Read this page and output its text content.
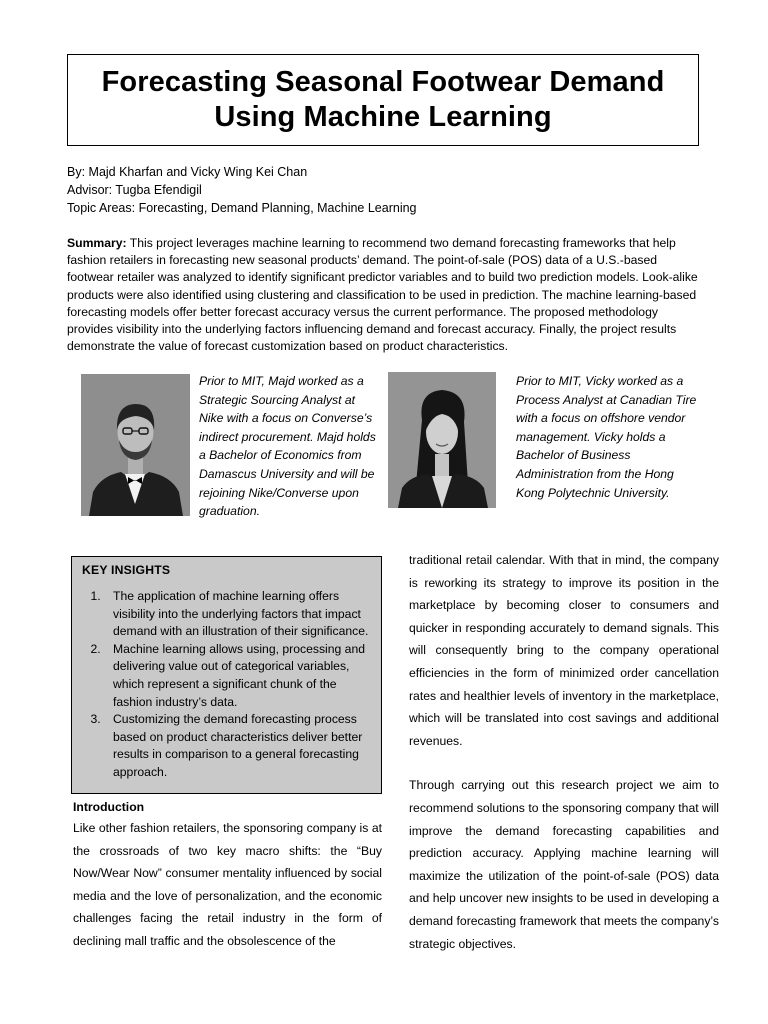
Forecasting Seasonal Footwear Demand Using Machine Learning
By: Majd Kharfan and Vicky Wing Kei Chan
Advisor: Tugba Efendigil
Topic Areas: Forecasting, Demand Planning, Machine Learning
Summary: This project leverages machine learning to recommend two demand forecasting frameworks that help fashion retailers in forecasting new seasonal products’ demand. The point-of-sale (POS) data of a U.S.-based footwear retailer was analyzed to identify significant predictor variables and to build two prediction models. Look-alike products were also identified using clustering and classification to be used in prediction. The machine learning-based forecasting models offer better forecast accuracy versus the current performance. The proposed methodology provides visibility into the underlying factors influencing demand and forecast accuracy. Finally, the project results demonstrate the value of forecast customization based on product characteristics.
Prior to MIT, Majd worked as a Strategic Sourcing Analyst at Nike with a focus on Converse’s indirect procurement. Majd holds a Bachelor of Economics from Damascus University and will be rejoining Nike/Converse upon graduation.
Prior to MIT, Vicky worked as a Process Analyst at Canadian Tire with a focus on offshore vendor management. Vicky holds a Bachelor of Business Administration from the Hong Kong Polytechnic University.
KEY INSIGHTS
1. The application of machine learning offers visibility into the underlying factors that impact demand with an illustration of their significance.
2. Machine learning allows using, processing and delivering value out of categorical variables, which represent a significant chunk of the fashion industry’s data.
3. Customizing the demand forecasting process based on product characteristics deliver better results in comparison to a general forecasting approach.
Introduction

Like other fashion retailers, the sponsoring company is at the crossroads of two key macro shifts: the “Buy Now/Wear Now” consumer mentality influenced by social media and the love of personalization, and the economic challenges facing the retail industry in the form of declining mall traffic and the obsolescence of the

traditional retail calendar. With that in mind, the company is reworking its strategy to improve its position in the marketplace by becoming closer to consumers and quicker in responding accurately to demand signals. This will consequently bring to the company operational efficiencies in the form of minimized order cancellation rates and healthier levels of inventory in the marketplace, which will be translated into cost savings and additional revenues.

Through carrying out this research project we aim to recommend solutions to the sponsoring company that will improve the demand forecasting capabilities and prediction accuracy. Applying machine learning will maximize the utilization of the point-of-sale (POS) data and help uncover new insights to be used in developing a demand forecasting framework that meets the company’s strategic objectives.
